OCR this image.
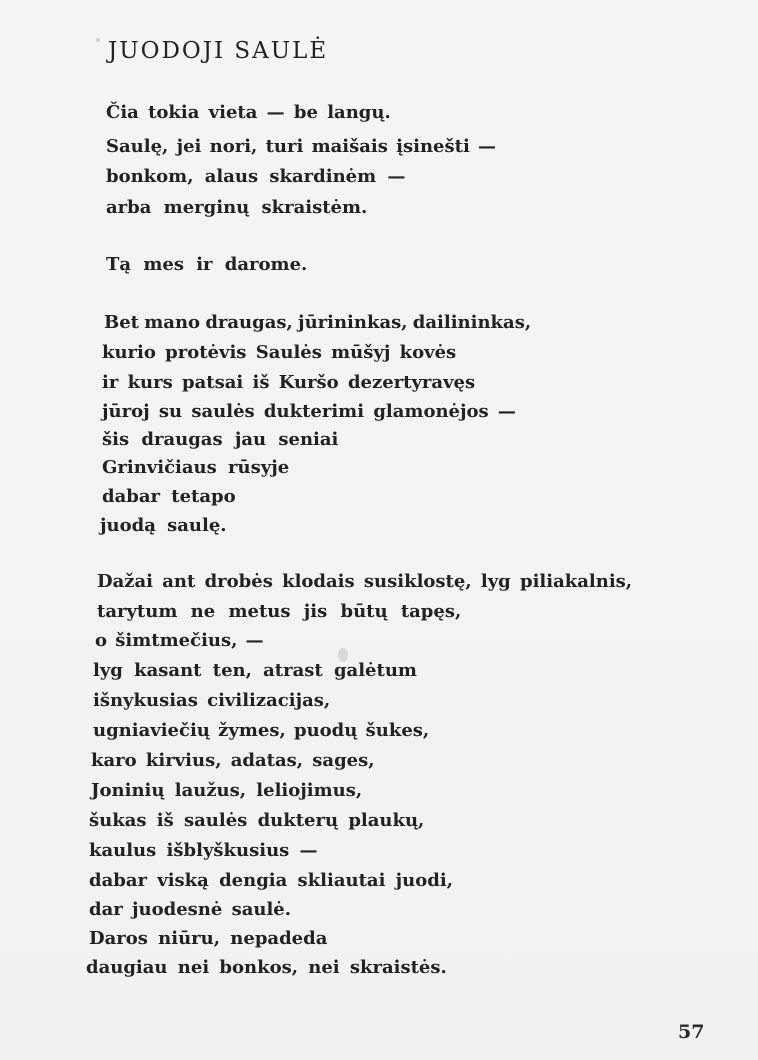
JUODOJI SAULĖ
Čia tokia vieta — be langų.
Saulę, jei nori, turi maišais įsinešti —
bonkom, alaus skardinėm —
arba merginų skraistėm.
Tą mes ir darome.
Bet mano draugas, jūrininkas, dailininkas,
kurio protėvis Saulės mūšyj kovės
ir kurs patsai iš Kuršo dezertyravęs
jūroj su saulės dukterimi glamonėjos —
šis draugas jau seniai
Grinvičiaus rūsyje
dabar tetapo
juodą saulę.
Dažai ant drobės klodais susiklostę, lyg piliakalnis,
tarytum ne metus jis būtų tapęs,
o šimtmečius, —
lyg kasant ten, atrast galėtum
išnykusias civilizacijas,
ugniaviečių žymes, puodų šukes,
karo kirvius, adatas, sages,
Joninių laužus, leliojimus,
šukas iš saulės dukterų plaukų,
kaulus išblyškusius —
dabar viską dengia skliautai juodi,
dar juodesnė saulė.
Daros niūru, nepadeda
daugiau nei bonkos, nei skraistės.
57
